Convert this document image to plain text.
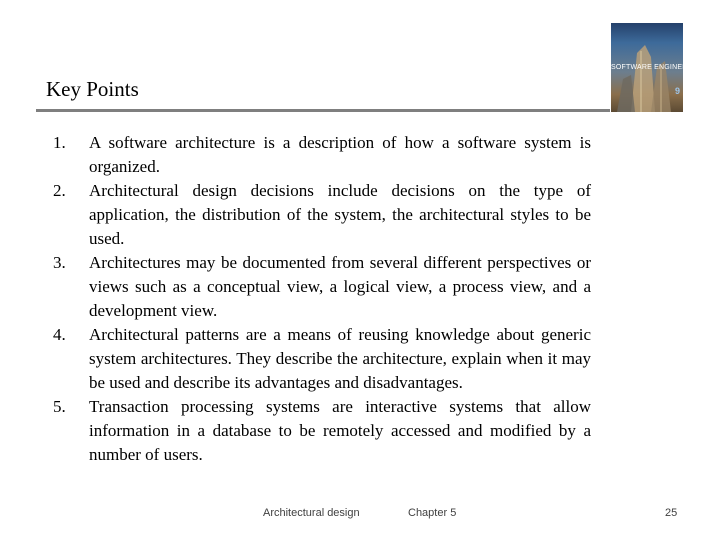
Key Points
SOFTWARE ENGINEERING
9
1. A software architecture is a description of how a software system is organized.
2. Architectural design decisions include decisions on the type of application, the distribution of the system, the architectural styles to be used.
3. Architectures may be documented from several different perspectives or views such as a conceptual view, a logical view, a process view, and a development view.
4. Architectural patterns are a means of reusing knowledge about generic system architectures. They describe the architecture, explain when it may be used and describe its advantages and disadvantages.
5. Transaction processing systems are interactive systems that allow information in a database to be remotely accessed and modified by a number of users.
Architectural design	Chapter 5	25
